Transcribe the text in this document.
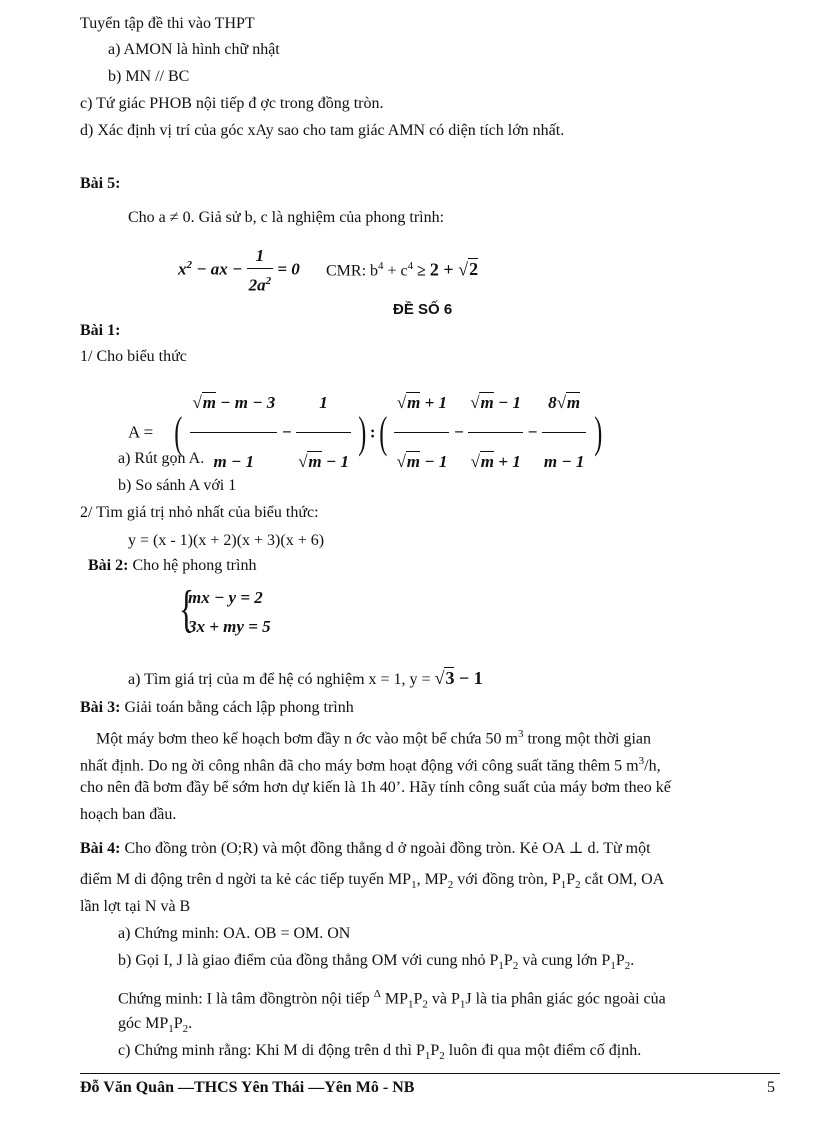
Tuyển tập đề thi vào THPT
a) AMON là hình chữ nhật
b) MN // BC
c) Tứ giác PHOB nội tiếp đ ợc trong đồng tròn.
d) Xác định vị trí của góc xAy sao cho tam giác AMN có diện tích lớn nhất.
Bài 5:
Cho a ≠ 0. Giả sử b, c là nghiệm của phong trình:
$x^2$ − ax − $\frac{1}{2a^2} = 0$ CMR: $b^4 + c^4 \ge 2 + √2$
ĐỀ SỐ 6
Bài 1:
1/ Cho biểu thức
A = ( $\frac{√m - m - 3}{m - 1} - \frac{1}{√m - 1}$ ) :( $\frac{√m + 1}{√m - 1} - \frac{√m - 1}{√m + 1} - \frac{8√m}{m - 1}$ )
a) Rút gọn A.
b) So sánh A với 1
2/ Tìm giá trị nhỏ nhất của biểu thức:
y = (x - 1)(x + 2)(x + 3)(x + 6)
Bài 2: Cho hệ phong trình
{
mx − y = 2
3x + my = 5
a) Tìm giá trị của m để hệ có nghiệm x = 1, y = √3 − 1
Bài 3: Giải toán bằng cách lập phong trình
Một máy bơm theo kế hoạch bơm đầy n ớc vào một bể chứa 50 $m^3$ trong một thời gian
nhất định. Do ng ời công nhân đã cho máy bơm hoạt động với công suất tăng thêm 5 $m^3/h$,
cho nên đã bơm đầy bể sớm hơn dự kiến là 1h 40’. Hãy tính công suất của máy bơm theo kế
hoạch ban đầu.
Bài 4: Cho đồng tròn (O;R) và một đồng thẳng d ở ngoài đồng tròn. Kẻ OA ⊥ d. Từ một
điểm M di động trên d ngời ta kẻ các tiếp tuyến $MP_1$, $MP_2$ với đồng tròn, $P_1P_2$ cắt OM, OA
lần lợt tại N và B
a) Chứng minh: OA. OB = OM. ON
b) Gọi I, J là giao điểm của đồng thẳng OM với cung nhỏ $P_1P_2$ và cung lớn $P_1P_2$.
Chứng minh: I là tâm đồngtròn nội tiếp $^\Delta$ $MP_1P_2$ và $P_1J$ là tia phân giác góc ngoài của
góc $MP_1P_2$.
c) Chứng minh rằng: Khi M di động trên d thì $P_1P_2$ luôn đi qua một điểm cố định.
Đỗ Văn Quân —THCS Yên Thái —Yên Mô - NB	5
